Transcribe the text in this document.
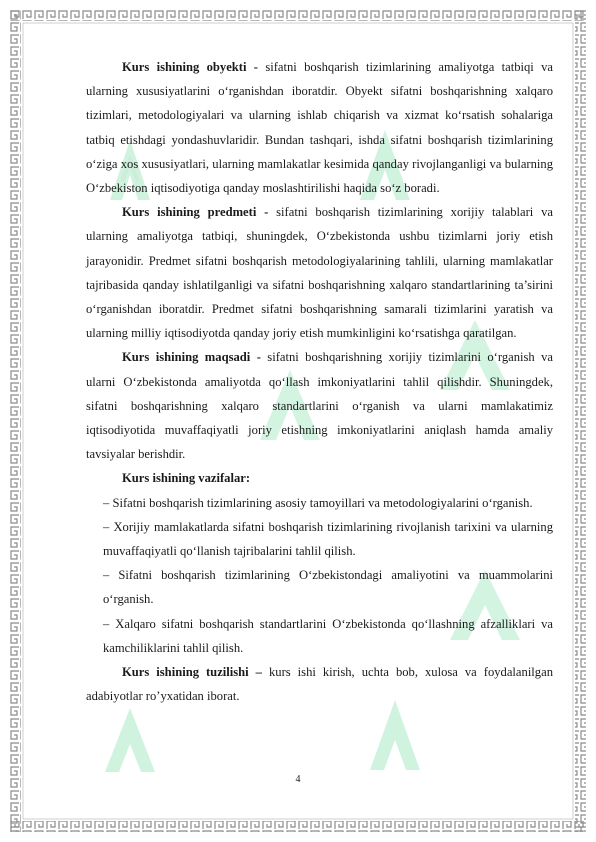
Kurs ishining obyekti - sifatni boshqarish tizimlarining amaliyotga tatbiqi va ularning xususiyatlarini o‘rganishdan iboratdir. Obyekt sifatni boshqarishning xalqaro tizimlari, metodologiyalari va ularning ishlab chiqarish va xizmat ko‘rsatish sohalariga tatbiq etishdagi yondashuvlaridir. Bundan tashqari, ishda sifatni boshqarish tizimlarining o‘ziga xos xususiyatlari, ularning mamlakatlar kesimida qanday rivojlanganligi va bularning O‘zbekiston iqtisodiyotiga qanday moslashtirilishi haqida so‘z boradi.

Kurs ishining predmeti - sifatni boshqarish tizimlarining xorijiy talablari va ularning amaliyotga tatbiqi, shuningdek, O‘zbekistonda ushbu tizimlarni joriy etish jarayonidir. Predmet sifatni boshqarish metodologiyalarining tahlili, ularning mamlakatlar tajribasida qanday ishlatilganligi va sifatni boshqarishning xalqaro standartlarining ta’sirini o‘rganishdan iboratdir. Predmet sifatni boshqarishning samarali tizimlarini yaratish va ularning milliy iqtisodiyotda qanday joriy etish mumkinligini ko‘rsatishga qaratilgan.

Kurs ishining maqsadi - sifatni boshqarishning xorijiy tizimlarini o‘rganish va ularni O‘zbekistonda amaliyotda qo‘llash imkoniyatlarini tahlil qilishdir. Shuningdek, sifatni boshqarishning xalqaro standartlarini o‘rganish va ularni mamlakatimiz iqtisodiyotida muvaffaqiyatli joriy etishning imkoniyatlarini aniqlash hamda amaliy tavsiyalar berishdir.

Kurs ishining vazifalar:

– Sifatni boshqarish tizimlarining asosiy tamoyillari va metodologiyalarini o‘rganish.

– Xorijiy mamlakatlarda sifatni boshqarish tizimlarining rivojlanish tarixini va ularning muvaffaqiyatli qo‘llanish tajribalarini tahlil qilish.

– Sifatni boshqarish tizimlarining O‘zbekistondagi amaliyotini va muammolarini o‘rganish.

– Xalqaro sifatni boshqarish standartlarini O‘zbekistonda qo‘llashning afzalliklari va kamchiliklarini tahlil qilish.

Kurs ishining tuzilishi – kurs ishi kirish, uchta bob, xulosa va foydalanilgan adabiyotlar ro’yxatidan iborat.

4
